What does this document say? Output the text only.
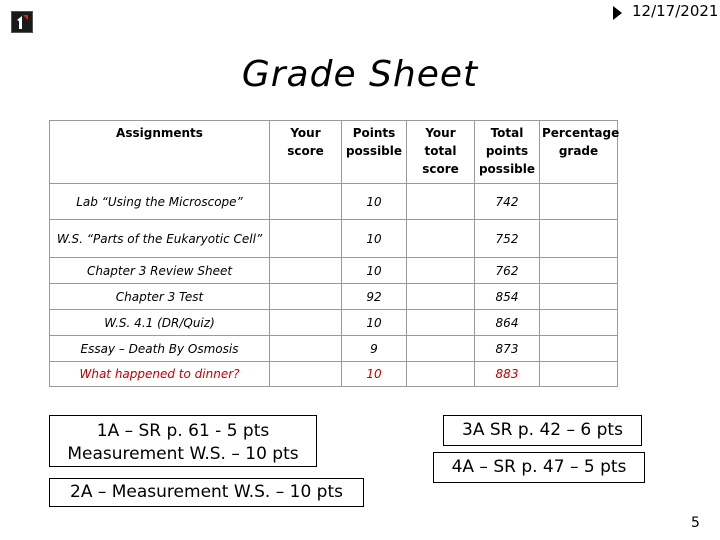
12/17/2021
Grade Sheet
Assignments	Your score	Points possible	Your total score	Total points possible	Percentage grade
Lab “Using the Microscope”		10		742	
W.S. “Parts of the Eukaryotic Cell”		10		752	
Chapter 3 Review Sheet		10		762	
Chapter 3 Test		92		854	
W.S. 4.1 (DR/Quiz)		10		864	
Essay – Death By Osmosis		9		873	
What happened to dinner?		10		883	
1A – SR p. 61 - 5 pts
Measurement W.S. – 10 pts
2A – Measurement W.S. – 10 pts
3A SR p. 42 – 6 pts
4A – SR p. 47 – 5 pts
5
